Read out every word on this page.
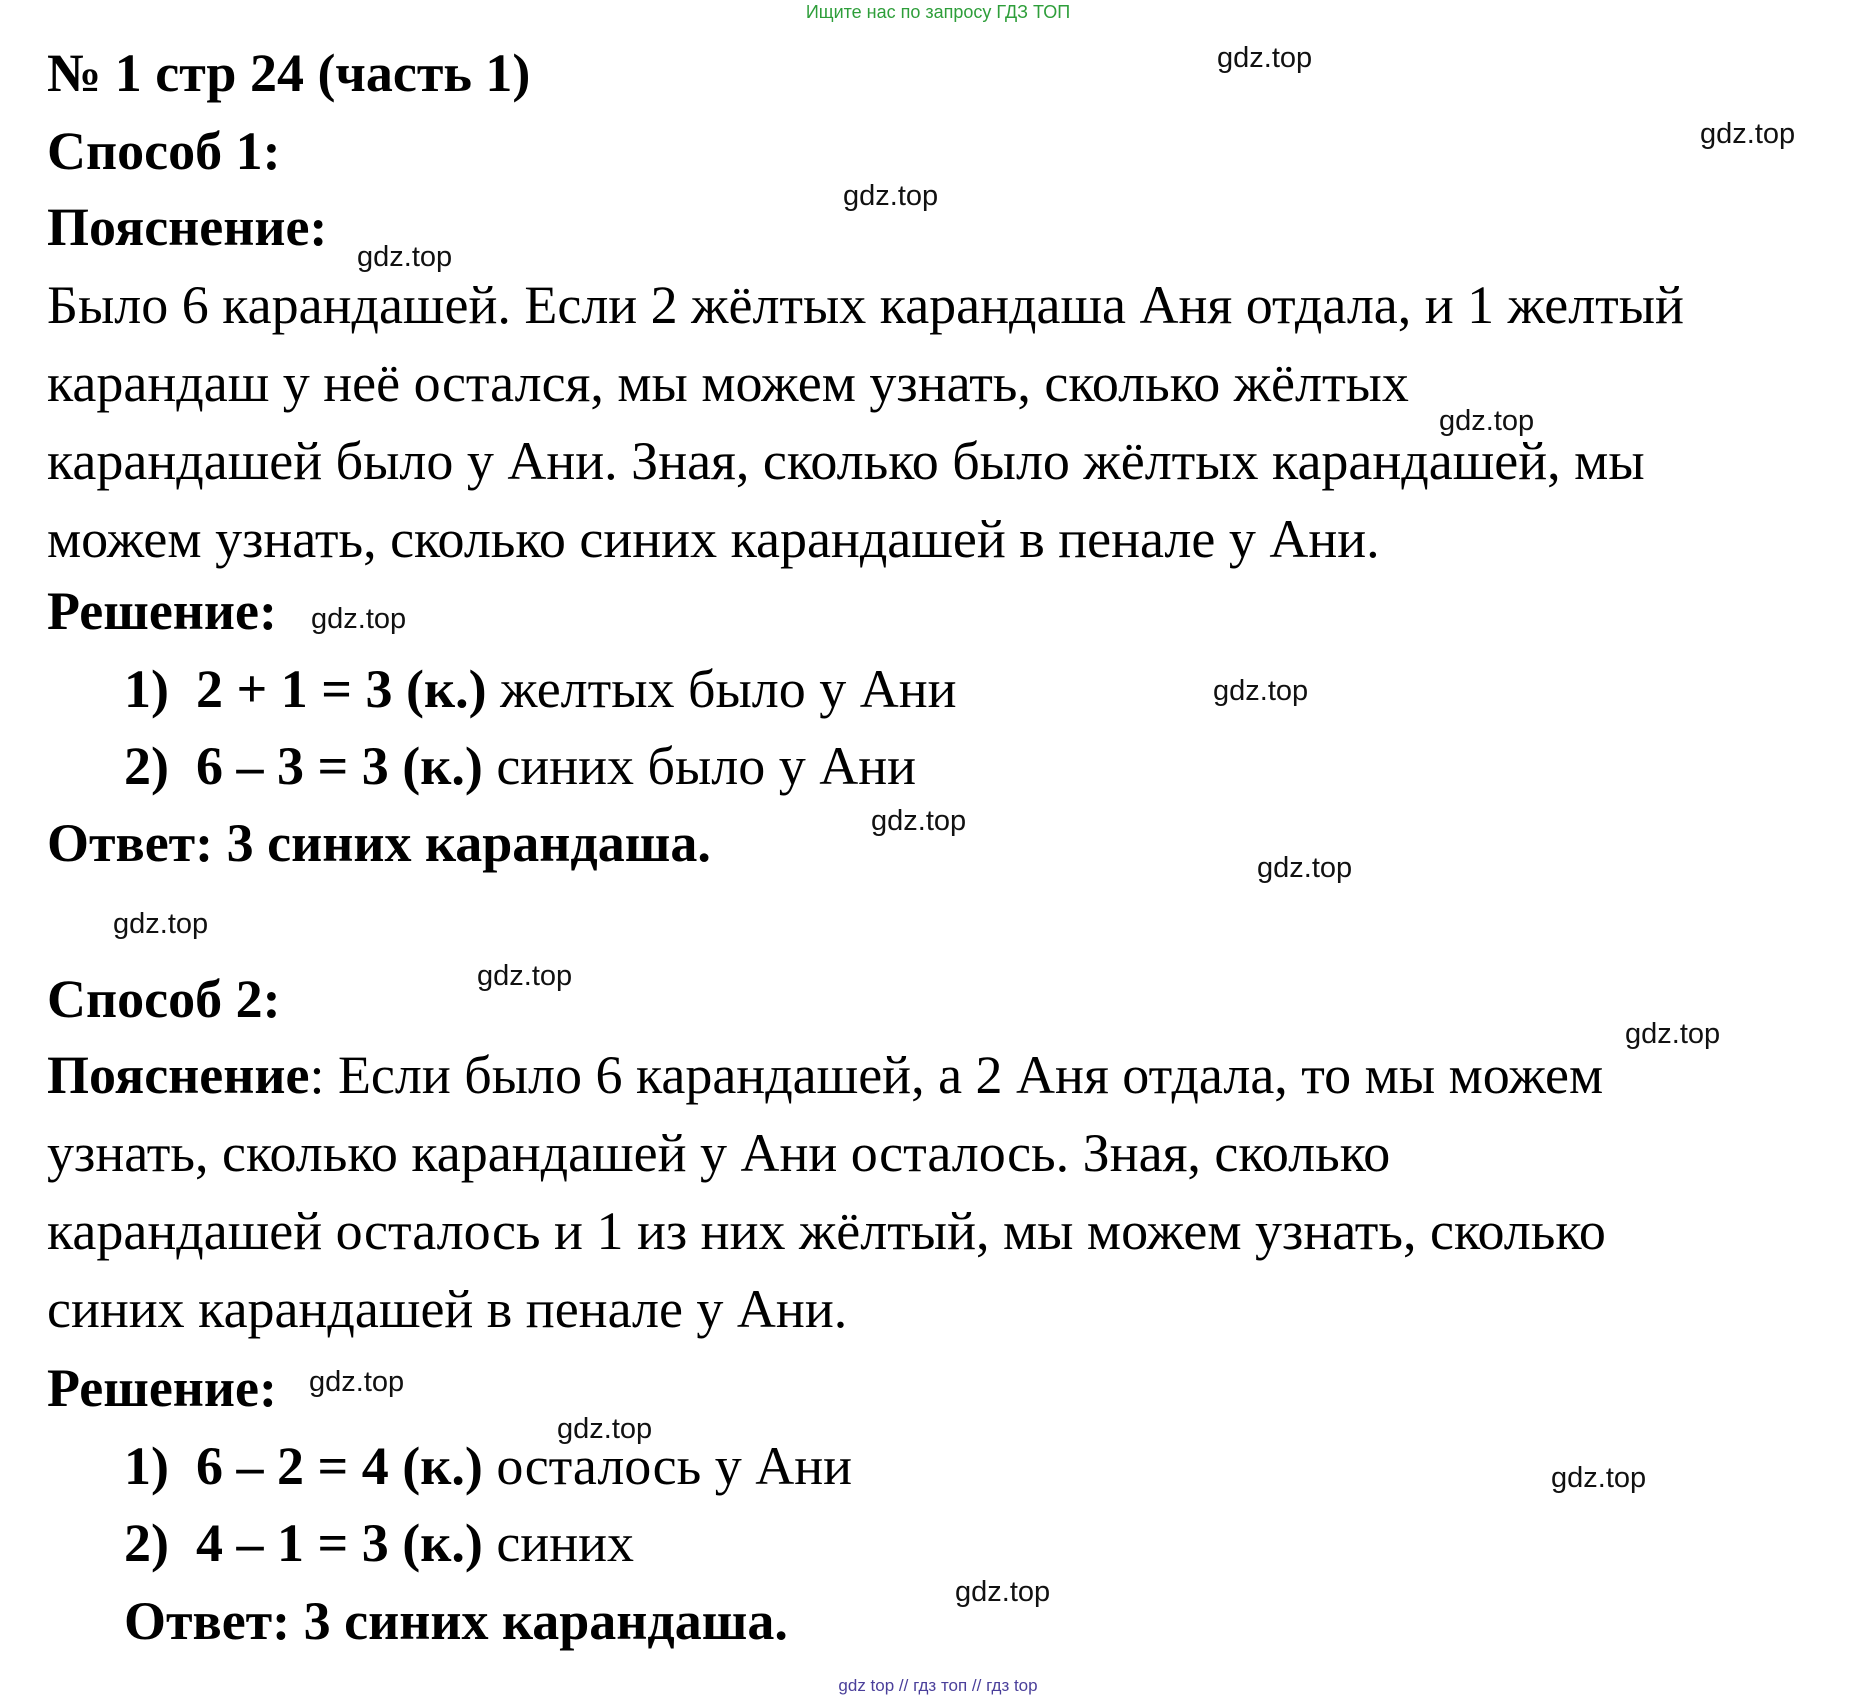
Ищите нас по запросу ГДЗ ТОП
№ 1 стр 24 (часть 1)
Способ 1:
Пояснение:
Было 6 карандашей. Если 2 жёлтых карандаша Аня отдала, и 1 желтый
карандаш у неё остался, мы можем узнать, сколько жёлтых
карандашей было у Ани. Зная, сколько было жёлтых карандашей, мы
можем узнать, сколько синих карандашей в пенале у Ани.
Решение:
1) 2 + 1 = 3 (к.) желтых было у Ани
2) 6 – 3 = 3 (к.) синих было у Ани
Ответ: 3 синих карандаша.
Способ 2:
Пояснение: Если было 6 карандашей, а 2 Аня отдала, то мы можем
узнать, сколько карандашей у Ани осталось. Зная, сколько
карандашей осталось и 1 из них жёлтый, мы можем узнать, сколько
синих карандашей в пенале у Ани.
Решение:
1) 6 – 2 = 4 (к.) осталось у Ани
2) 4 – 1 = 3 (к.) синих
Ответ: 3 синих карандаша.
gdz.top
gdz.top
gdz.top
gdz.top
gdz.top
gdz.top
gdz.top
gdz.top
gdz.top
gdz.top
gdz.top
gdz.top
gdz.top
gdz.top
gdz.top
gdz.top
gdz top // гдз топ // гдз top
